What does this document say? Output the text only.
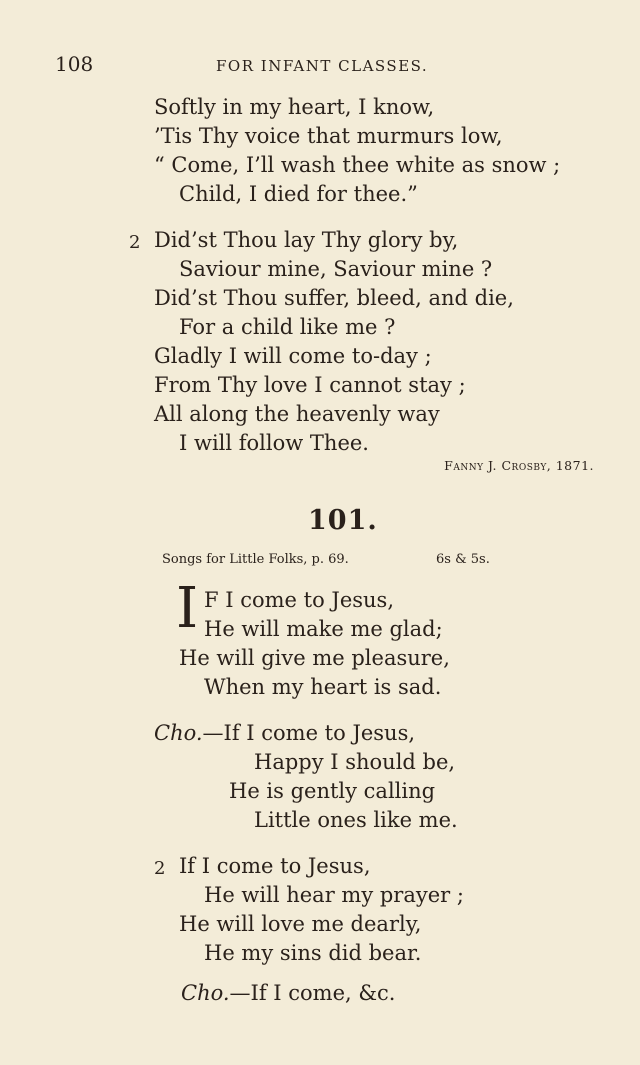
108	FOR INFANT CLASSES.
Softly in my heart, I know,
’Tis Thy voice that murmurs low,
“ Come, I’ll wash thee white as snow ;
Child, I died for thee.”
2 Did’st Thou lay Thy glory by,
Saviour mine, Saviour mine ?
Did’st Thou suffer, bleed, and die,
For a child like me ?
Gladly I will come to-day ;
From Thy love I cannot stay ;
All along the heavenly way
I will follow Thee.
Fanny J. Crosby, 1871.
101.
Songs for Little Folks, p. 69.	6s & 5s.
I F I come to Jesus,
He will make me glad;
He will give me pleasure,
When my heart is sad.
Cho.—If I come to Jesus,
Happy I should be,
He is gently calling
Little ones like me.
2 If I come to Jesus,
He will hear my prayer ;
He will love me dearly,
He my sins did bear.
Cho.—If I come, &c.
